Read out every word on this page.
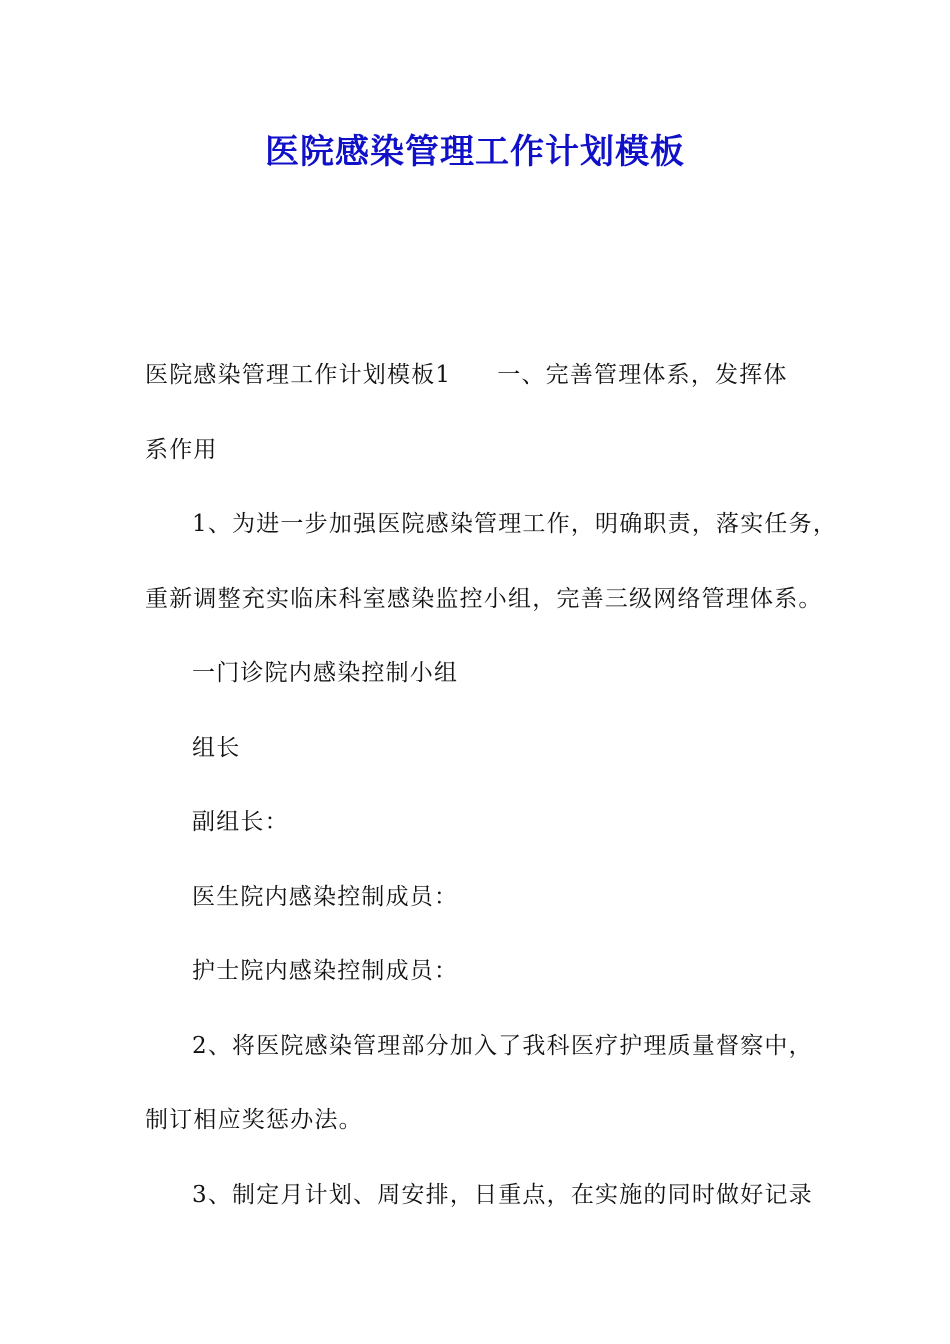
医院感染管理工作计划模板

医院感染管理工作计划模板1 一、完善管理体系，发挥体

系作用

1、为进一步加强医院感染管理工作，明确职责，落实任务，

重新调整充实临床科室感染监控小组，完善三级网络管理体系。

一门诊院内感染控制小组

组长

副组长：

医生院内感染控制成员：

护士院内感染控制成员：

2、将医院感染管理部分加入了我科医疗护理质量督察中，

制订相应奖惩办法。

3、制定月计划、周安排，日重点，在实施的同时做好记录
